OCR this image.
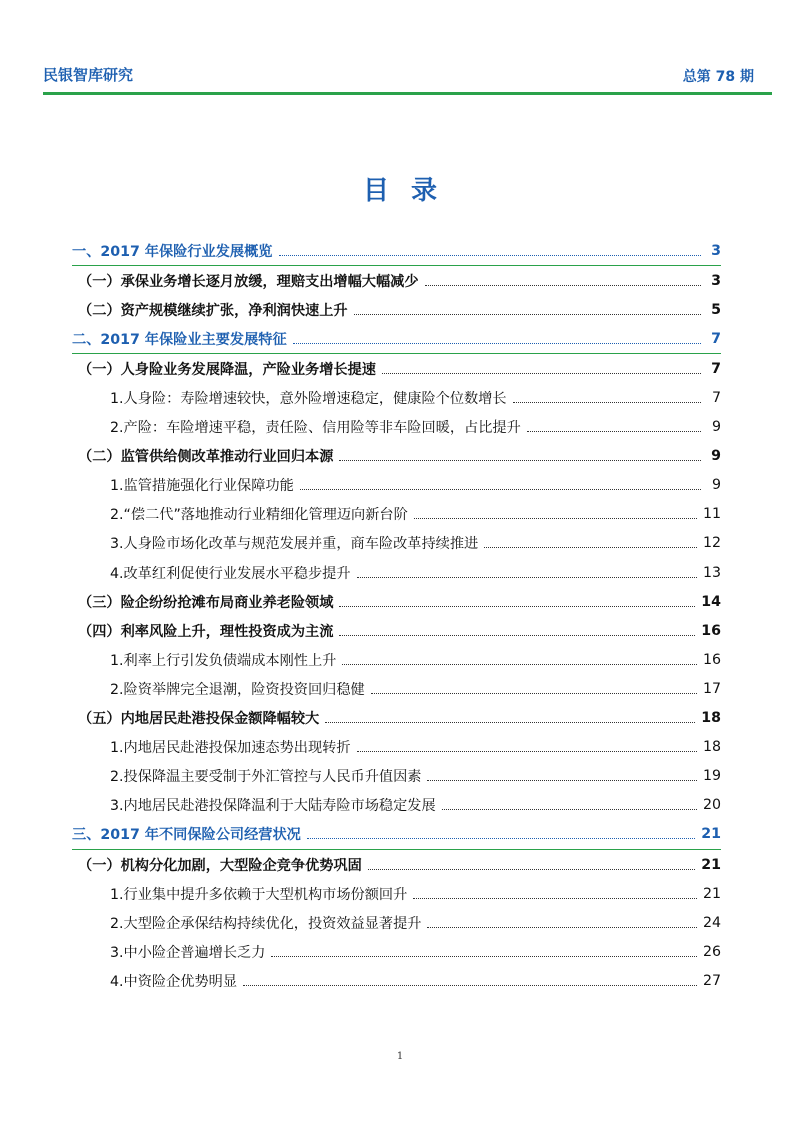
民银智库研究	总第 78 期
目录
一、2017 年保险行业发展概览	3
（一）承保业务增长逐月放缓，理赔支出增幅大幅减少	3
（二）资产规模继续扩张，净利润快速上升	5
二、2017 年保险业主要发展特征	7
（一）人身险业务发展降温，产险业务增长提速	7
1.人身险：寿险增速较快，意外险增速稳定，健康险个位数增长	7
2.产险：车险增速平稳，责任险、信用险等非车险回暖，占比提升	9
（二）监管供给侧改革推动行业回归本源	9
1.监管措施强化行业保障功能	9
2.“偿二代”落地推动行业精细化管理迈向新台阶	11
3.人身险市场化改革与规范发展并重，商车险改革持续推进	12
4.改革红利促使行业发展水平稳步提升	13
（三）险企纷纷抢滩布局商业养老险领域	14
（四）利率风险上升，理性投资成为主流	16
1.利率上行引发负债端成本刚性上升	16
2.险资举牌完全退潮，险资投资回归稳健	17
（五）内地居民赴港投保金额降幅较大	18
1.内地居民赴港投保加速态势出现转折	18
2.投保降温主要受制于外汇管控与人民币升值因素	19
3.内地居民赴港投保降温利于大陆寿险市场稳定发展	20
三、2017 年不同保险公司经营状况	21
（一）机构分化加剧，大型险企竞争优势巩固	21
1.行业集中提升多依赖于大型机构市场份额回升	21
2.大型险企承保结构持续优化，投资效益显著提升	24
3.中小险企普遍增长乏力	26
4.中资险企优势明显	27
1
